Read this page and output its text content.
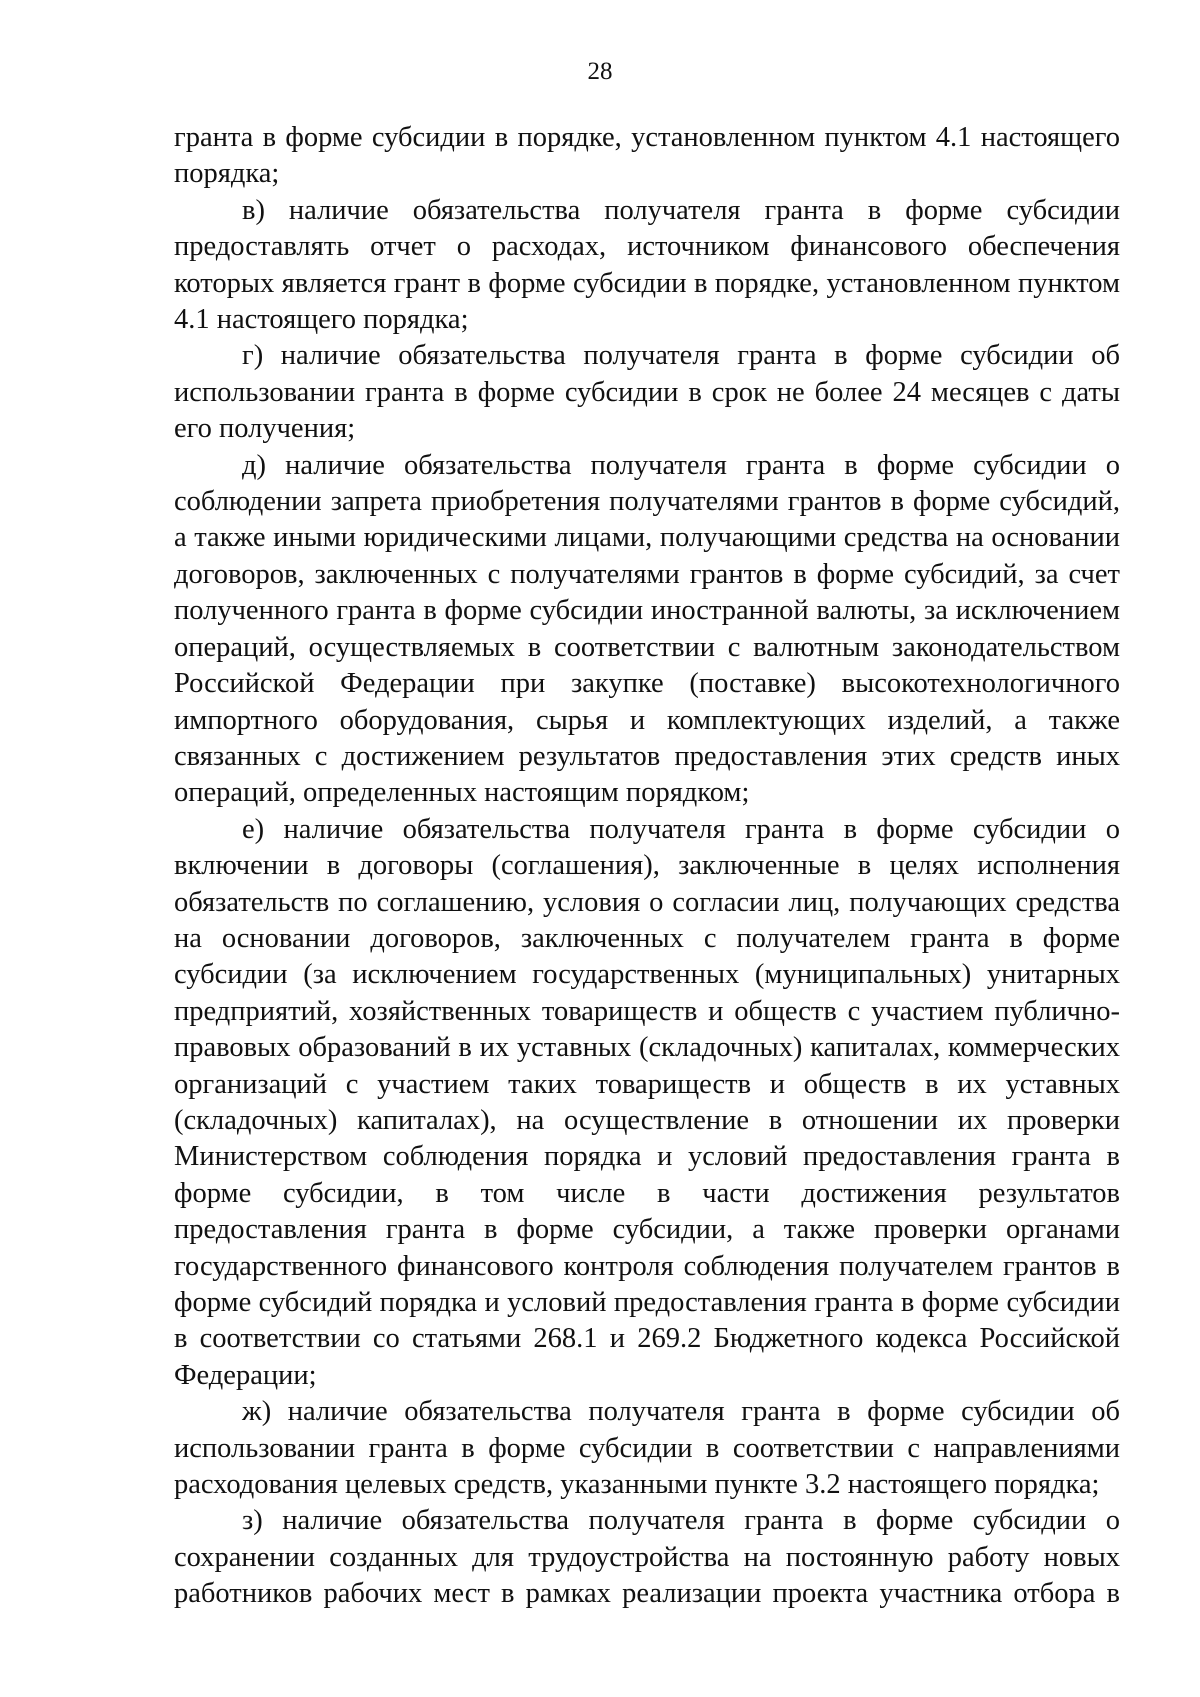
28

гранта в форме субсидии в порядке, установленном пунктом 4.1 настоящего порядка;

в) наличие обязательства получателя гранта в форме субсидии предоставлять отчет о расходах, источником финансового обеспечения которых является грант в форме субсидии в порядке, установленном пунктом 4.1 настоящего порядка;

г) наличие обязательства получателя гранта в форме субсидии об использовании гранта в форме субсидии в срок не более 24 месяцев с даты его получения;

д) наличие обязательства получателя гранта в форме субсидии о соблюдении запрета приобретения получателями грантов в форме субсидий, а также иными юридическими лицами, получающими средства на основании договоров, заключенных с получателями грантов в форме субсидий, за счет полученного гранта в форме субсидии иностранной валюты, за исключением операций, осуществляемых в соответствии с валютным законодательством Российской Федерации при закупке (поставке) высокотехнологичного импортного оборудования, сырья и комплектующих изделий, а также связанных с достижением результатов предоставления этих средств иных операций, определенных настоящим порядком;

е) наличие обязательства получателя гранта в форме субсидии о включении в договоры (соглашения), заключенные в целях исполнения обязательств по соглашению, условия о согласии лиц, получающих средства на основании договоров, заключенных с получателем гранта в форме субсидии (за исключением государственных (муниципальных) унитарных предприятий, хозяйственных товариществ и обществ с участием публично-правовых образований в их уставных (складочных) капиталах, коммерческих организаций с участием таких товариществ и обществ в их уставных (складочных) капиталах), на осуществление в отношении их проверки Министерством соблюдения порядка и условий предоставления гранта в форме субсидии, в том числе в части достижения результатов предоставления гранта в форме субсидии, а также проверки органами государственного финансового контроля соблюдения получателем грантов в форме субсидий порядка и условий предоставления гранта в форме субсидии в соответствии со статьями 268.1 и 269.2 Бюджетного кодекса Российской Федерации;

ж) наличие обязательства получателя гранта в форме субсидии об использовании гранта в форме субсидии в соответствии с направлениями расходования целевых средств, указанными пункте 3.2 настоящего порядка;

з) наличие обязательства получателя гранта в форме субсидии о сохранении созданных для трудоустройства на постоянную работу новых работников рабочих мест в рамках реализации проекта участника отбора в
